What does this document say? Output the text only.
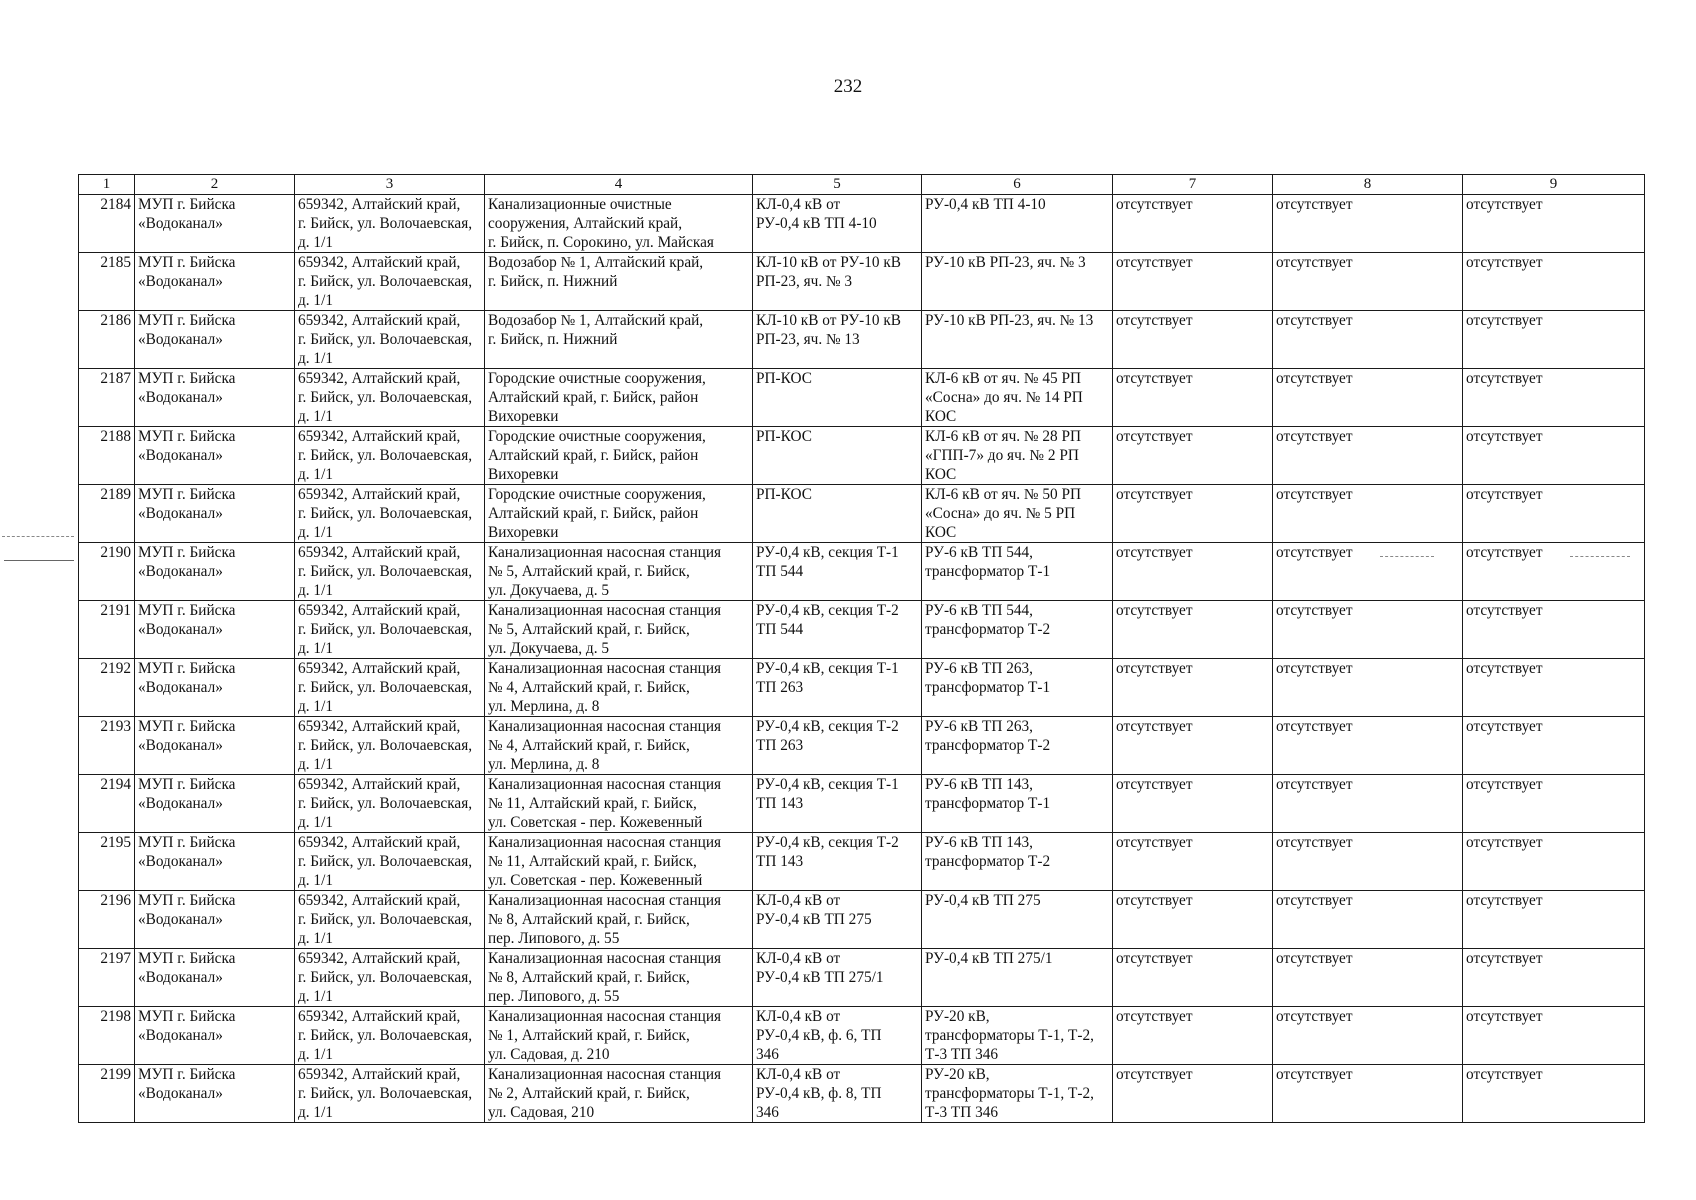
232
1	2	3	4	5	6	7	8	9
2184	МУП г. Бийска
«Водоканал»	659342, Алтайский край,
г. Бийск, ул. Волочаевская,
д. 1/1	Канализационные очистные
сооружения, Алтайский край,
г. Бийск, п. Сорокино, ул. Майская	КЛ-0,4 кВ от
РУ-0,4 кВ ТП 4-10	РУ-0,4 кВ ТП 4-10	отсутствует	отсутствует	отсутствует
2185	МУП г. Бийска
«Водоканал»	659342, Алтайский край,
г. Бийск, ул. Волочаевская,
д. 1/1	Водозабор № 1, Алтайский край,
г. Бийск, п. Нижний	КЛ-10 кВ от РУ-10 кВ
РП-23, яч. № 3	РУ-10 кВ РП-23, яч. № 3	отсутствует	отсутствует	отсутствует
2186	МУП г. Бийска
«Водоканал»	659342, Алтайский край,
г. Бийск, ул. Волочаевская,
д. 1/1	Водозабор № 1, Алтайский край,
г. Бийск, п. Нижний	КЛ-10 кВ от РУ-10 кВ
РП-23, яч. № 13	РУ-10 кВ РП-23, яч. № 13	отсутствует	отсутствует	отсутствует
2187	МУП г. Бийска
«Водоканал»	659342, Алтайский край,
г. Бийск, ул. Волочаевская,
д. 1/1	Городские очистные сооружения,
Алтайский край, г. Бийск, район
Вихоревки	РП-КОС	КЛ-6 кВ от яч. № 45 РП
«Сосна» до яч. № 14 РП
КОС	отсутствует	отсутствует	отсутствует
2188	МУП г. Бийска
«Водоканал»	659342, Алтайский край,
г. Бийск, ул. Волочаевская,
д. 1/1	Городские очистные сооружения,
Алтайский край, г. Бийск, район
Вихоревки	РП-КОС	КЛ-6 кВ от яч. № 28 РП
«ГПП-7» до яч. № 2 РП
КОС	отсутствует	отсутствует	отсутствует
2189	МУП г. Бийска
«Водоканал»	659342, Алтайский край,
г. Бийск, ул. Волочаевская,
д. 1/1	Городские очистные сооружения,
Алтайский край, г. Бийск, район
Вихоревки	РП-КОС	КЛ-6 кВ от яч. № 50 РП
«Сосна» до яч. № 5 РП
КОС	отсутствует	отсутствует	отсутствует
2190	МУП г. Бийска
«Водоканал»	659342, Алтайский край,
г. Бийск, ул. Волочаевская,
д. 1/1	Канализационная насосная станция
№ 5, Алтайский край, г. Бийск,
ул. Докучаева, д. 5	РУ-0,4 кВ, секция Т-1
ТП 544	РУ-6 кВ ТП 544,
трансформатор Т-1	отсутствует	отсутствует	отсутствует
2191	МУП г. Бийска
«Водоканал»	659342, Алтайский край,
г. Бийск, ул. Волочаевская,
д. 1/1	Канализационная насосная станция
№ 5, Алтайский край, г. Бийск,
ул. Докучаева, д. 5	РУ-0,4 кВ, секция Т-2
ТП 544	РУ-6 кВ ТП 544,
трансформатор Т-2	отсутствует	отсутствует	отсутствует
2192	МУП г. Бийска
«Водоканал»	659342, Алтайский край,
г. Бийск, ул. Волочаевская,
д. 1/1	Канализационная насосная станция
№ 4, Алтайский край, г. Бийск,
ул. Мерлина, д. 8	РУ-0,4 кВ, секция Т-1
ТП 263	РУ-6 кВ ТП 263,
трансформатор Т-1	отсутствует	отсутствует	отсутствует
2193	МУП г. Бийска
«Водоканал»	659342, Алтайский край,
г. Бийск, ул. Волочаевская,
д. 1/1	Канализационная насосная станция
№ 4, Алтайский край, г. Бийск,
ул. Мерлина, д. 8	РУ-0,4 кВ, секция Т-2
ТП 263	РУ-6 кВ ТП 263,
трансформатор Т-2	отсутствует	отсутствует	отсутствует
2194	МУП г. Бийска
«Водоканал»	659342, Алтайский край,
г. Бийск, ул. Волочаевская,
д. 1/1	Канализационная насосная станция
№ 11, Алтайский край, г. Бийск,
ул. Советская - пер. Кожевенный	РУ-0,4 кВ, секция Т-1
ТП 143	РУ-6 кВ ТП 143,
трансформатор Т-1	отсутствует	отсутствует	отсутствует
2195	МУП г. Бийска
«Водоканал»	659342, Алтайский край,
г. Бийск, ул. Волочаевская,
д. 1/1	Канализационная насосная станция
№ 11, Алтайский край, г. Бийск,
ул. Советская - пер. Кожевенный	РУ-0,4 кВ, секция Т-2
ТП 143	РУ-6 кВ ТП 143,
трансформатор Т-2	отсутствует	отсутствует	отсутствует
2196	МУП г. Бийска
«Водоканал»	659342, Алтайский край,
г. Бийск, ул. Волочаевская,
д. 1/1	Канализационная насосная станция
№ 8, Алтайский край, г. Бийск,
пер. Липового, д. 55	КЛ-0,4 кВ от
РУ-0,4 кВ ТП 275	РУ-0,4 кВ ТП 275	отсутствует	отсутствует	отсутствует
2197	МУП г. Бийска
«Водоканал»	659342, Алтайский край,
г. Бийск, ул. Волочаевская,
д. 1/1	Канализационная насосная станция
№ 8, Алтайский край, г. Бийск,
пер. Липового, д. 55	КЛ-0,4 кВ от
РУ-0,4 кВ ТП 275/1	РУ-0,4 кВ ТП 275/1	отсутствует	отсутствует	отсутствует
2198	МУП г. Бийска
«Водоканал»	659342, Алтайский край,
г. Бийск, ул. Волочаевская,
д. 1/1	Канализационная насосная станция
№ 1, Алтайский край, г. Бийск,
ул. Садовая, д. 210	КЛ-0,4 кВ от
РУ-0,4 кВ, ф. 6, ТП
346	РУ-20 кВ,
трансформаторы Т-1, Т-2,
Т-3 ТП 346	отсутствует	отсутствует	отсутствует
2199	МУП г. Бийска
«Водоканал»	659342, Алтайский край,
г. Бийск, ул. Волочаевская,
д. 1/1	Канализационная насосная станция
№ 2, Алтайский край, г. Бийск,
ул. Садовая, 210	КЛ-0,4 кВ от
РУ-0,4 кВ, ф. 8, ТП
346	РУ-20 кВ,
трансформаторы Т-1, Т-2,
Т-3 ТП 346	отсутствует	отсутствует	отсутствует
